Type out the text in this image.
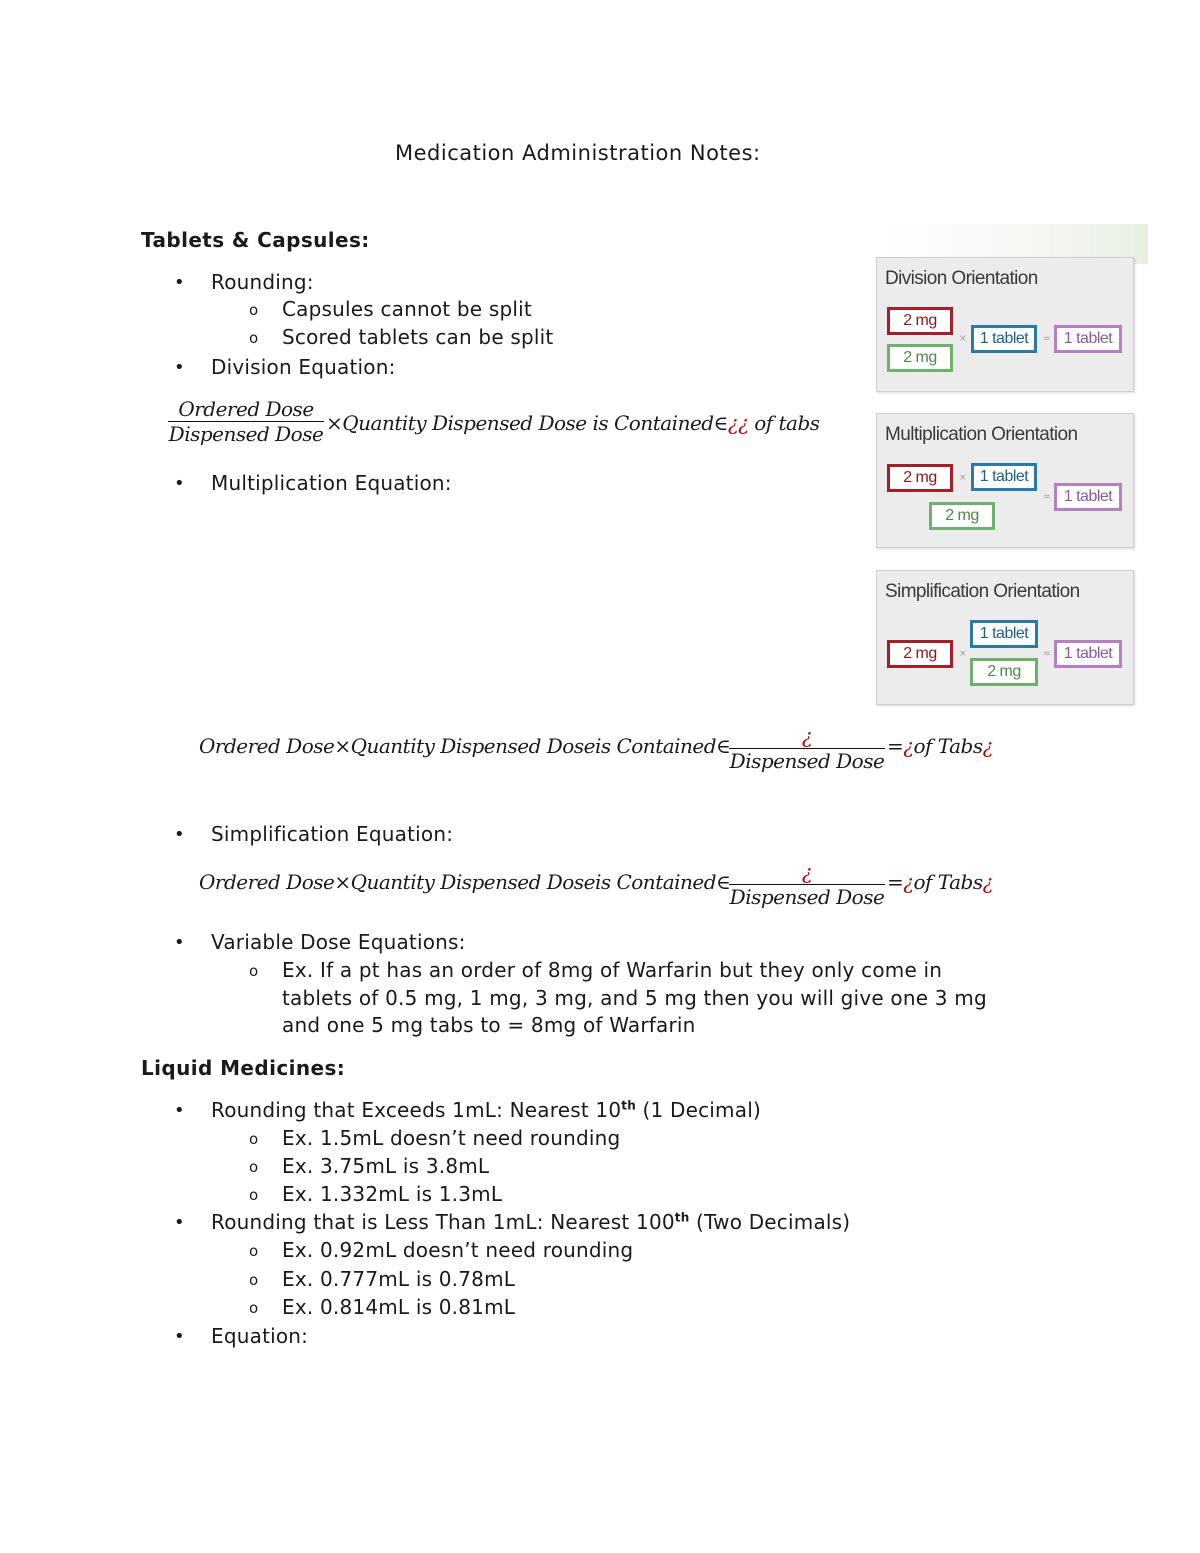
Medication Administration Notes:
Tablets & Capsules:
• Rounding:
o Capsules cannot be split
o Scored tablets can be split
• Division Equation:
Ordered Dose
Dispensed Dose ×Quantity Dispensed Dose is Contained∈¿¿ of tabs
• Multiplication Equation:
Ordered Dose×Quantity Dispensed Doseis Contained∈	¿
Dispensed Dose
=¿of Tabs¿
• Simplification Equation:
Ordered Dose×Quantity Dispensed Doseis Contained∈	¿
Dispensed Dose
=¿of Tabs¿
• Variable Dose Equations:
o Ex. If a pt has an order of 8mg of Warfarin but they only come in
tablets of 0.5 mg, 1 mg, 3 mg, and 5 mg then you will give one 3 mg
and one 5 mg tabs to = 8mg of Warfarin
Liquid Medicines:
• Rounding that Exceeds 1mL: Nearest 10th (1 Decimal)
o Ex. 1.5mL doesn’t need rounding
o Ex. 3.75mL is 3.8mL
o Ex. 1.332mL is 1.3mL
• Rounding that is Less Than 1mL: Nearest 100th (Two Decimals)
o Ex. 0.92mL doesn’t need rounding
o Ex. 0.777mL is 0.78mL
o Ex. 0.814mL is 0.81mL
• Equation:
Division Orientation
2 mg
2 mg
× 1 tablet	= 1 tablet
Multiplication Orientation
2 mg	× 1 tablet
2 mg
= 1 tablet
Simplification Orientation
2 mg	×
1 tablet
2 mg
= 1 tablet
